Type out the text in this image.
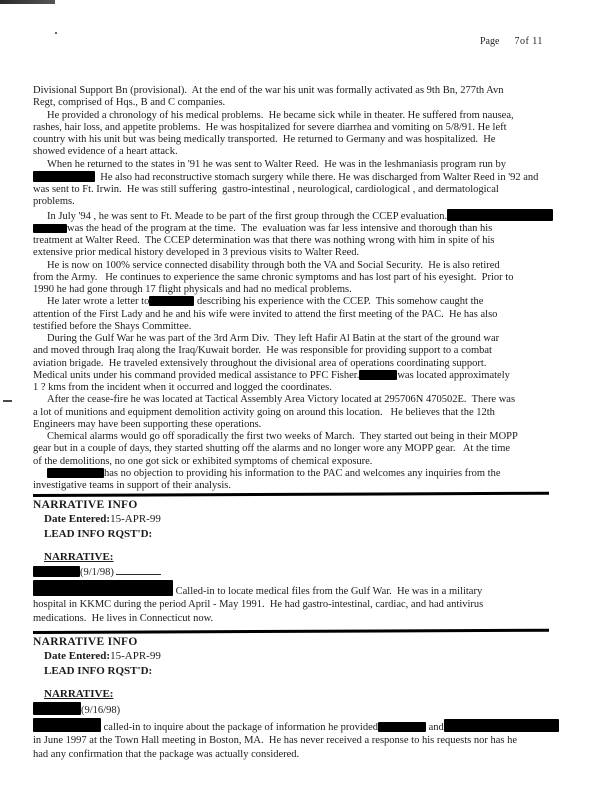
Page 7of 11
Divisional Support Bn (provisional).  At the end of the war his unit was formally activated as 9th Bn, 277th Avn
Regt, comprised of Hqs., B and C companies.
He provided a chronology of his medical problems.  He became sick while in theater. He suffered from nausea,
rashes, hair loss, and appetite problems.  He was hospitalized for severe diarrhea and vomiting on 5/8/91. He left
country with his unit but was being medically transported.  He returned to Germany and was hospitalized.  He
showed evidence of a heart attack.
When he returned to the states in '91 he was sent to Walter Reed.  He was in the leshmaniasis program run by
He also had reconstructive stomach surgery while there. He was discharged from Walter Reed in '92 and
was sent to Ft. Irwin.  He was still suffering  gastro-intestinal , neurological, cardiological , and dermatological
problems.
In July '94 , he was sent to Ft. Meade to be part of the first group through the CCEP evaluation.
was the head of the program at the time.  The  evaluation was far less intensive and thorough than his
treatment at Walter Reed.  The CCEP determination was that there was nothing wrong with him in spite of his
extensive prior medical history developed in 3 previous visits to Walter Reed.
He is now on 100% service connected disability through both the VA and Social Security.  He is also retired
from the Army.   He continues to experience the same chronic symptoms and has lost part of his eyesight.  Prior to
1990 he had gone through 17 flight physicals and had no medical problems.
He later wrote a letter to	describing his experience with the CCEP.  This somehow caught the
attention of the First Lady and he and his wife were invited to attend the first meeting of the PAC.  He has also
testified before the Shays Committee.
During the Gulf War he was part of the 3rd Arm Div.  They left Hafir Al Batin at the start of the ground war
and moved through Iraq along the Iraq/Kuwait border.  He was responsible for providing support to a combat
aviation brigade.  He traveled extensively throughout the divisional area of operations coordinating support.
Medical units under his command provided medical assistance to PFC Fisher.	was located approximately
1 ? kms from the incident when it occurred and logged the coordinates.
After the cease-fire he was located at Tactical Assembly Area Victory located at 295706N 470502E.  There was
a lot of munitions and equipment demolition activity going on around this location.   He believes that the 12th
Engineers may have been supporting these operations.
Chemical alarms would go off sporadically the first two weeks of March.  They started out being in their MOPP
gear but in a couple of days, they started shutting off the alarms and no longer wore any MOPP gear.   At the time
of the demolitions, no one got sick or exhibited symptoms of chemical exposure.
has no objection to providing his information to the PAC and welcomes any inquiries from the
investigative teams in support of their analysis.
NARRATIVE INFO
Date Entered:15-APR-99
LEAD INFO RQST'D:
NARRATIVE:
(9/1/98)
Called-in to locate medical files from the Gulf War.  He was in a military
hospital in KKMC during the period April - May 1991.  He had gastro-intestinal, cardiac, and had antivirus
medications.  He lives in Connecticut now.
NARRATIVE INFO
Date Entered:15-APR-99
LEAD INFO RQST'D:
NARRATIVE:
(9/16/98)
called-in to inquire about the package of information he provided	and
in June 1997 at the Town Hall meeting in Boston, MA.  He has never received a response to his requests nor has he
had any confirmation that the package was actually considered.
